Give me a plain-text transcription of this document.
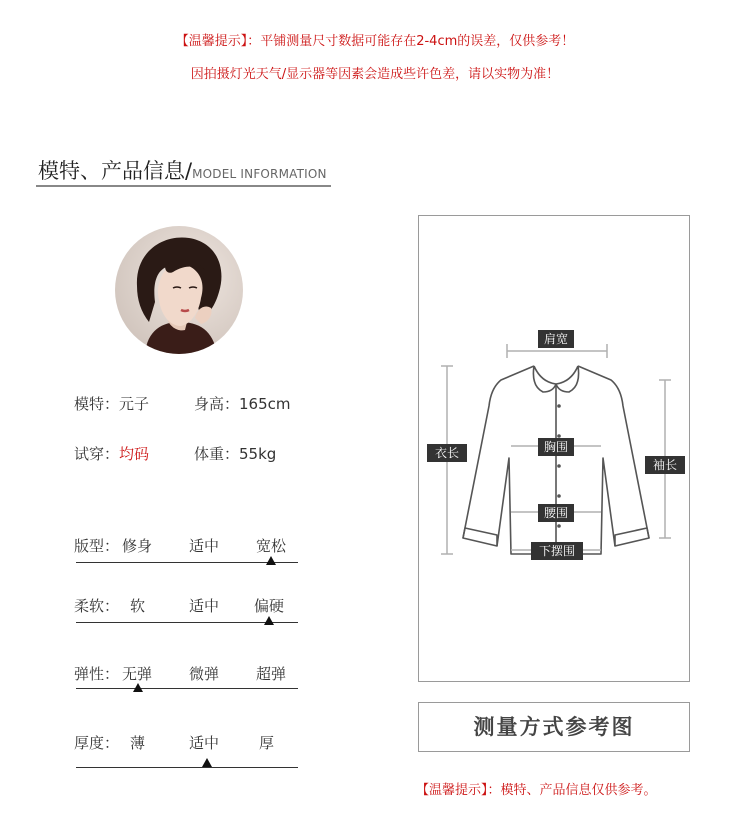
【温馨提示】：平铺测量尺寸数据可能存在2-4cm的误差，仅供参考！
因拍摄灯光天气/显示器等因素会造成些许色差，请以实物为准！
模特、产品信息/MODEL INFORMATION
模特：元子	身高：165cm
试穿：均码	体重：55kg
版型： 修身 适中 宽松
柔软： 软	适中 偏硬
弹性： 无弹 微弹 超弹
厚度： 薄	适中	厚
肩宽
衣长	胸围
袖长
腰围
下摆围
测量方式参考图
【温馨提示】：模特、产品信息仅供参考。
